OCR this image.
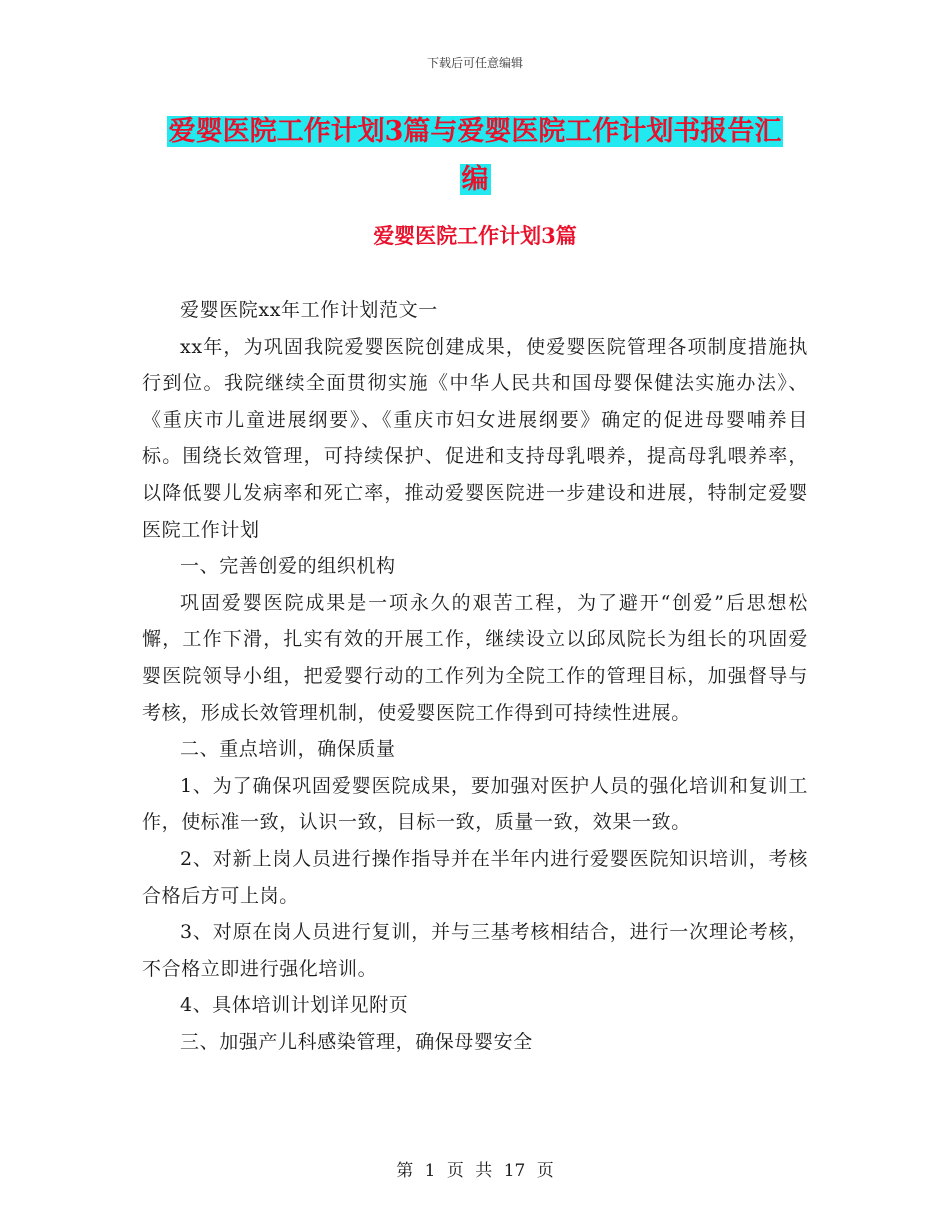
下载后可任意编辑
爱婴医院工作计划3篇与爱婴医院工作计划书报告汇
编
爱婴医院工作计划3篇

爱婴医院xx年工作计划范文一

xx年，为巩固我院爱婴医院创建成果，使爱婴医院管理各项制度措施执行到位。我院继续全面贯彻实施《中华人民共和国母婴保健法实施办法》、《重庆市儿童进展纲要》、《重庆市妇女进展纲要》确定的促进母婴哺养目标。围绕长效管理，可持续保护、促进和支持母乳喂养，提高母乳喂养率，以降低婴儿发病率和死亡率，推动爱婴医院进一步建设和进展，特制定爱婴医院工作计划

一、完善创爱的组织机构

巩固爱婴医院成果是一项永久的艰苦工程，为了避开“创爱”后思想松懈，工作下滑，扎实有效的开展工作，继续设立以邱凤院长为组长的巩固爱婴医院领导小组，把爱婴行动的工作列为全院工作的管理目标，加强督导与考核，形成长效管理机制，使爱婴医院工作得到可持续性进展。

二、重点培训，确保质量

1、为了确保巩固爱婴医院成果，要加强对医护人员的强化培训和复训工作，使标准一致，认识一致，目标一致，质量一致，效果一致。

2、对新上岗人员进行操作指导并在半年内进行爱婴医院知识培训，考核合格后方可上岗。

3、对原在岗人员进行复训，并与三基考核相结合，进行一次理论考核，不合格立即进行强化培训。

4、具体培训计划详见附页

三、加强产儿科感染管理，确保母婴安全

第 1 页 共 17 页
